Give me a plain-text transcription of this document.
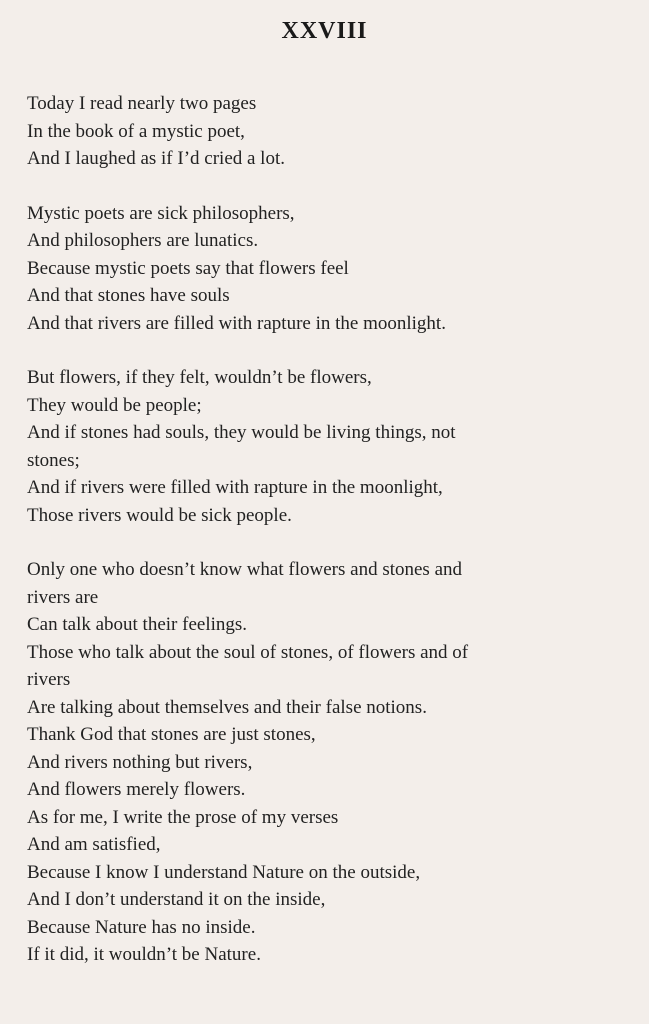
XXVIII
Today I read nearly two pages
In the book of a mystic poet,
And I laughed as if I’d cried a lot.
Mystic poets are sick philosophers,
And philosophers are lunatics.
Because mystic poets say that flowers feel
And that stones have souls
And that rivers are filled with rapture in the moonlight.
But flowers, if they felt, wouldn’t be flowers,
They would be people;
And if stones had souls, they would be living things, not
stones;
And if rivers were filled with rapture in the moonlight,
Those rivers would be sick people.
Only one who doesn’t know what flowers and stones and
rivers are
Can talk about their feelings.
Those who talk about the soul of stones, of flowers and of
rivers
Are talking about themselves and their false notions.
Thank God that stones are just stones,
And rivers nothing but rivers,
And flowers merely flowers.
As for me, I write the prose of my verses
And am satisfied,
Because I know I understand Nature on the outside,
And I don’t understand it on the inside,
Because Nature has no inside.
If it did, it wouldn’t be Nature.
